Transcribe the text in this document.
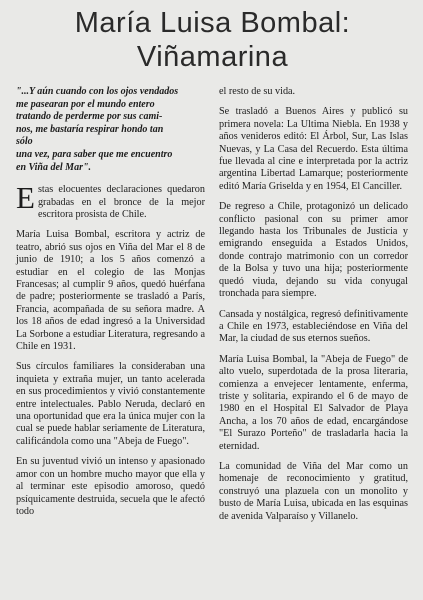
María Luisa Bombal:
Viñamarina
"...Y aún cuando con los ojos vendados
me pasearan por el mundo entero
tratando de perderme por sus cami-
nos, me bastaría respirar hondo tan
sólo
una vez, para saber que me encuentro
en Viña del Mar".

Estas elocuentes declaraciones quedaron grabadas en el bronce de la mejor escritora prosista de Chile.

María Luisa Bombal, escritora y actriz de teatro, abrió sus ojos en Viña del Mar el 8 de junio de 1910; a los 5 años comenzó a estudiar en el colegio de las Monjas Francesas; al cumplir 9 años, quedó huérfana de padre; posteriormente se trasladó a París, Francia, acompañada de su señora madre. A los 18 años de edad ingresó a la Universidad La Sorbone a estudiar Literatura, regresando a Chile en 1931.

Sus círculos familiares la consideraban una inquieta y extraña mujer, un tanto acelerada en sus procedimientos y vivió constantemente entre intelectuales. Pablo Neruda, declaró en una oportunidad que era la única mujer con la cual se puede hablar seriamente de Literatura, calificándola como una "Abeja de Fuego".

En su juventud vivió un intenso y apasionado amor con un hombre mucho mayor que ella y al terminar este episodio amoroso, quedó psíquicamente destruida, secuela que le afectó todo

el resto de su vida.

Se trasladó a Buenos Aires y publicó su primera novela: La Ultima Niebla. En 1938 y años venideros editó: El Árbol, Sur, Las Islas Nuevas, y La Casa del Recuerdo. Esta última fue llevada al cine e interpretada por la actriz argentina Libertad Lamarque; posteriormente editó María Griselda y en 1954, El Canciller.

De regreso a Chile, protagonizó un delicado conflicto pasional con su primer amor llegando hasta los Tribunales de Justicia y emigrando enseguida a Estados Unidos, donde contrajo matrimonio con un corredor de la Bolsa y tuvo una hija; posteriormente quedó viuda, dejando su vida conyugal tronchada para siempre.

Cansada y nostálgica, regresó definitivamente a Chile en 1973, estableciéndose en Viña del Mar, la ciudad de sus eternos sueños.

María Luisa Bombal, la "Abeja de Fuego" de alto vuelo, superdotada de la prosa literaria, comienza a envejecer lentamente, enferma, triste y solitaria, expirando el 6 de mayo de 1980 en el Hospital El Salvador de Playa Ancha, a los 70 años de edad, encargándose "El Surazo Porteño" de trasladarla hacia la eternidad.

La comunidad de Viña del Mar como un homenaje de reconocimiento y gratitud, construyó una plazuela con un monolito y busto de María Luisa, ubicada en las esquinas de avenida Valparaíso y Villanelo.
